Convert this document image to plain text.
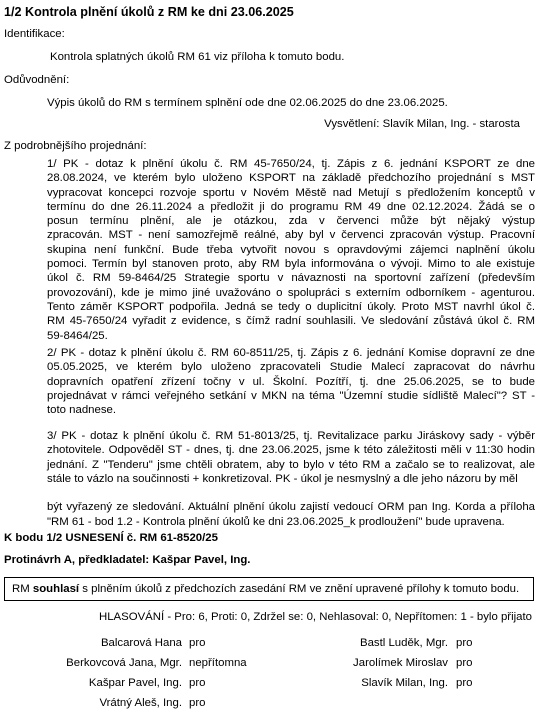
1/2 Kontrola plnění úkolů z RM ke dni 23.06.2025
Identifikace:
Kontrola splatných úkolů RM 61 viz příloha k tomuto bodu.
Odůvodnění:
Výpis úkolů do RM s termínem splnění ode dne 02.06.2025 do dne 23.06.2025.
Vysvětlení: Slavík Milan, Ing. - starosta
Z podrobnějšího projednání:
1/ PK - dotaz k plnění úkolu č. RM 45-7650/24, tj. Zápis z 6. jednání KSPORT ze dne
28.08.2024, ve kterém bylo uloženo KSPORT na základě předchozího projednání s MST
vypracovat koncepci rozvoje sportu v Novém Městě nad Metují s předložením konceptů v
termínu do dne 26.11.2024 a předložit ji do programu RM 49 dne 02.12.2024. Žádá se o
posun termínu plnění, ale je otázkou, zda v červenci může být nějaký výstup
zpracován. MST - není samozřejmě reálné, aby byl v červenci zpracován výstup. Pracovní
skupina není funkční. Bude třeba vytvořit novou s opravdovými zájemci naplnění úkolu
pomoci. Termín byl stanoven proto, aby RM byla informována o vývoji. Mimo to ale existuje
úkol č. RM 59-8464/25 Strategie sportu v návaznosti na sportovní zařízení (především
provozování), kde je mimo jiné uvažováno o spolupráci s externím odborníkem - agenturou.
Tento záměr KSPORT podpořila. Jedná se tedy o duplicitní úkoly. Proto MST navrhl úkol č.
RM 45-7650/24 vyřadit z evidence, s čímž radní souhlasili. Ve sledování zůstává úkol č. RM
59-8464/25.
2/ PK - dotaz k plnění úkolu č. RM 60-8511/25, tj. Zápis z 6. jednání Komise dopravní ze dne
05.05.2025, ve kterém bylo uloženo zpracovateli Studie Malecí zapracovat do návrhu
dopravních opatření zřízení točny v ul. Školní. Pozítří, tj. dne 25.06.2025, se to bude
projednávat v rámci veřejného setkání v MKN na téma "Územní studie sídliště Malecí"? ST -
toto nadnese.
3/ PK - dotaz k plnění úkolu č. RM 51-8013/25, tj. Revitalizace parku Jiráskovy sady - výběr
zhotovitele. Odpověděl ST - dnes, tj. dne 23.06.2025, jsme k této záležitosti měli v 11:30 hodin
jednání. Z "Tenderu" jsme chtěli obratem, aby to bylo v této RM a začalo se to realizovat, ale
stále to vázlo na součinnosti + konkretizoval. PK - úkol je nesmyslný a dle jeho názoru by měl
být vyřazený ze sledování. Aktuální plnění úkolu zajistí vedoucí ORM pan Ing. Korda a příloha
"RM 61 - bod 1.2 - Kontrola plnění úkolů ke dni 23.06.2025_k prodloužení" bude upravena.
K bodu 1/2 USNESENÍ č. RM 61-8520/25
Protinávrh A, předkladatel: Kašpar Pavel, Ing.
RM souhlasí s plněním úkolů z předchozích zasedání RM ve znění upravené přílohy k tomuto bodu.
HLASOVÁNÍ - Pro: 6, Proti: 0, Zdržel se: 0, Nehlasoval: 0, Nepřítomen: 1 - bylo přijato
Balcarová Hana pro
Berkovcová Jana, Mgr. nepřítomna
Kašpar Pavel, Ing. pro
Vrátný Aleš, Ing. pro
Bastl Luděk, Mgr. pro
Jarolímek Miroslav pro
Slavík Milan, Ing. pro
